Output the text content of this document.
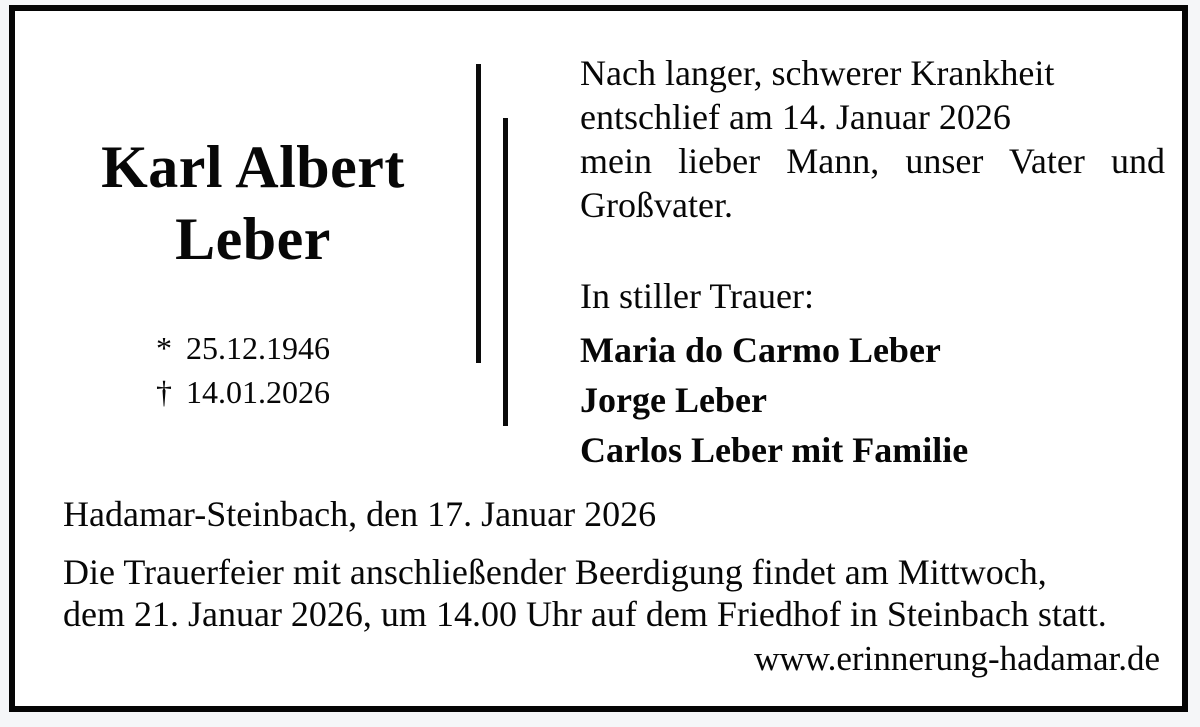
Karl Albert
Leber
* 25.12.1946
† 14.01.2026
Nach langer, schwerer Krankheit
entschlief am 14. Januar 2026
mein lieber Mann, unser Vater und Großvater.
In stiller Trauer:
Maria do Carmo Leber
Jorge Leber
Carlos Leber mit Familie
Hadamar-Steinbach, den 17. Januar 2026
Die Trauerfeier mit anschließender Beerdigung findet am Mittwoch,
dem 21. Januar 2026, um 14.00 Uhr auf dem Friedhof in Steinbach statt.
www.erinnerung-hadamar.de
